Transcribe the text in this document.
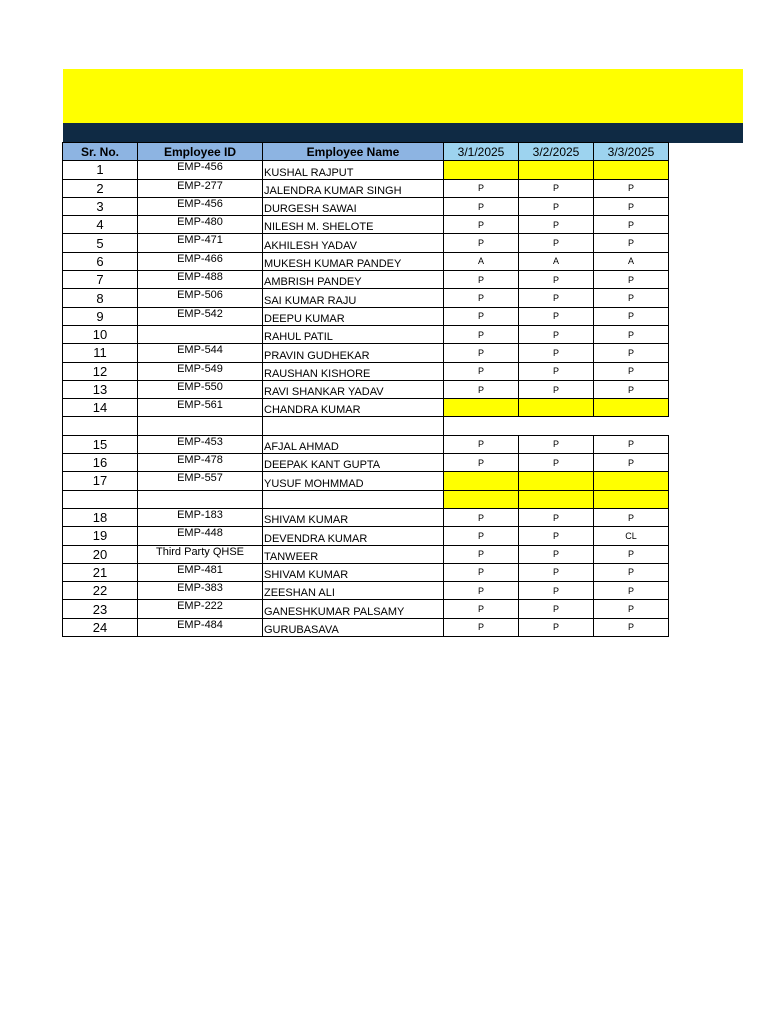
Sr. No.	Employee ID	Employee Name	3/1/2025	3/2/2025	3/3/2025
1	EMP-456	KUSHAL RAJPUT			
2	EMP-277	JALENDRA KUMAR SINGH	P	P	P
3	EMP-456	DURGESH SAWAI	P	P	P
4	EMP-480	NILESH M. SHELOTE	P	P	P
5	EMP-471	AKHILESH YADAV	P	P	P
6	EMP-466	MUKESH KUMAR PANDEY	A	A	A
7	EMP-488	AMBRISH PANDEY	P	P	P
8	EMP-506	SAI KUMAR RAJU	P	P	P
9	EMP-542	DEEPU KUMAR	P	P	P
10		RAHUL PATIL	P	P	P
11	EMP-544	PRAVIN GUDHEKAR	P	P	P
12	EMP-549	RAUSHAN KISHORE	P	P	P
13	EMP-550	RAVI SHANKAR YADAV	P	P	P
14	EMP-561	CHANDRA KUMAR			

15	EMP-453	AFJAL AHMAD	P	P	P
16	EMP-478	DEEPAK KANT GUPTA	P	P	P
17	EMP-557	YUSUF MOHMMAD			

18	EMP-183	SHIVAM KUMAR	P	P	P
19	EMP-448	DEVENDRA KUMAR	P	P	CL
20	Third Party QHSE	TANWEER	P	P	P
21	EMP-481	SHIVAM KUMAR	P	P	P
22	EMP-383	ZEESHAN ALI	P	P	P
23	EMP-222	GANESHKUMAR PALSAMY	P	P	P
24	EMP-484	GURUBASAVA	P	P	P
